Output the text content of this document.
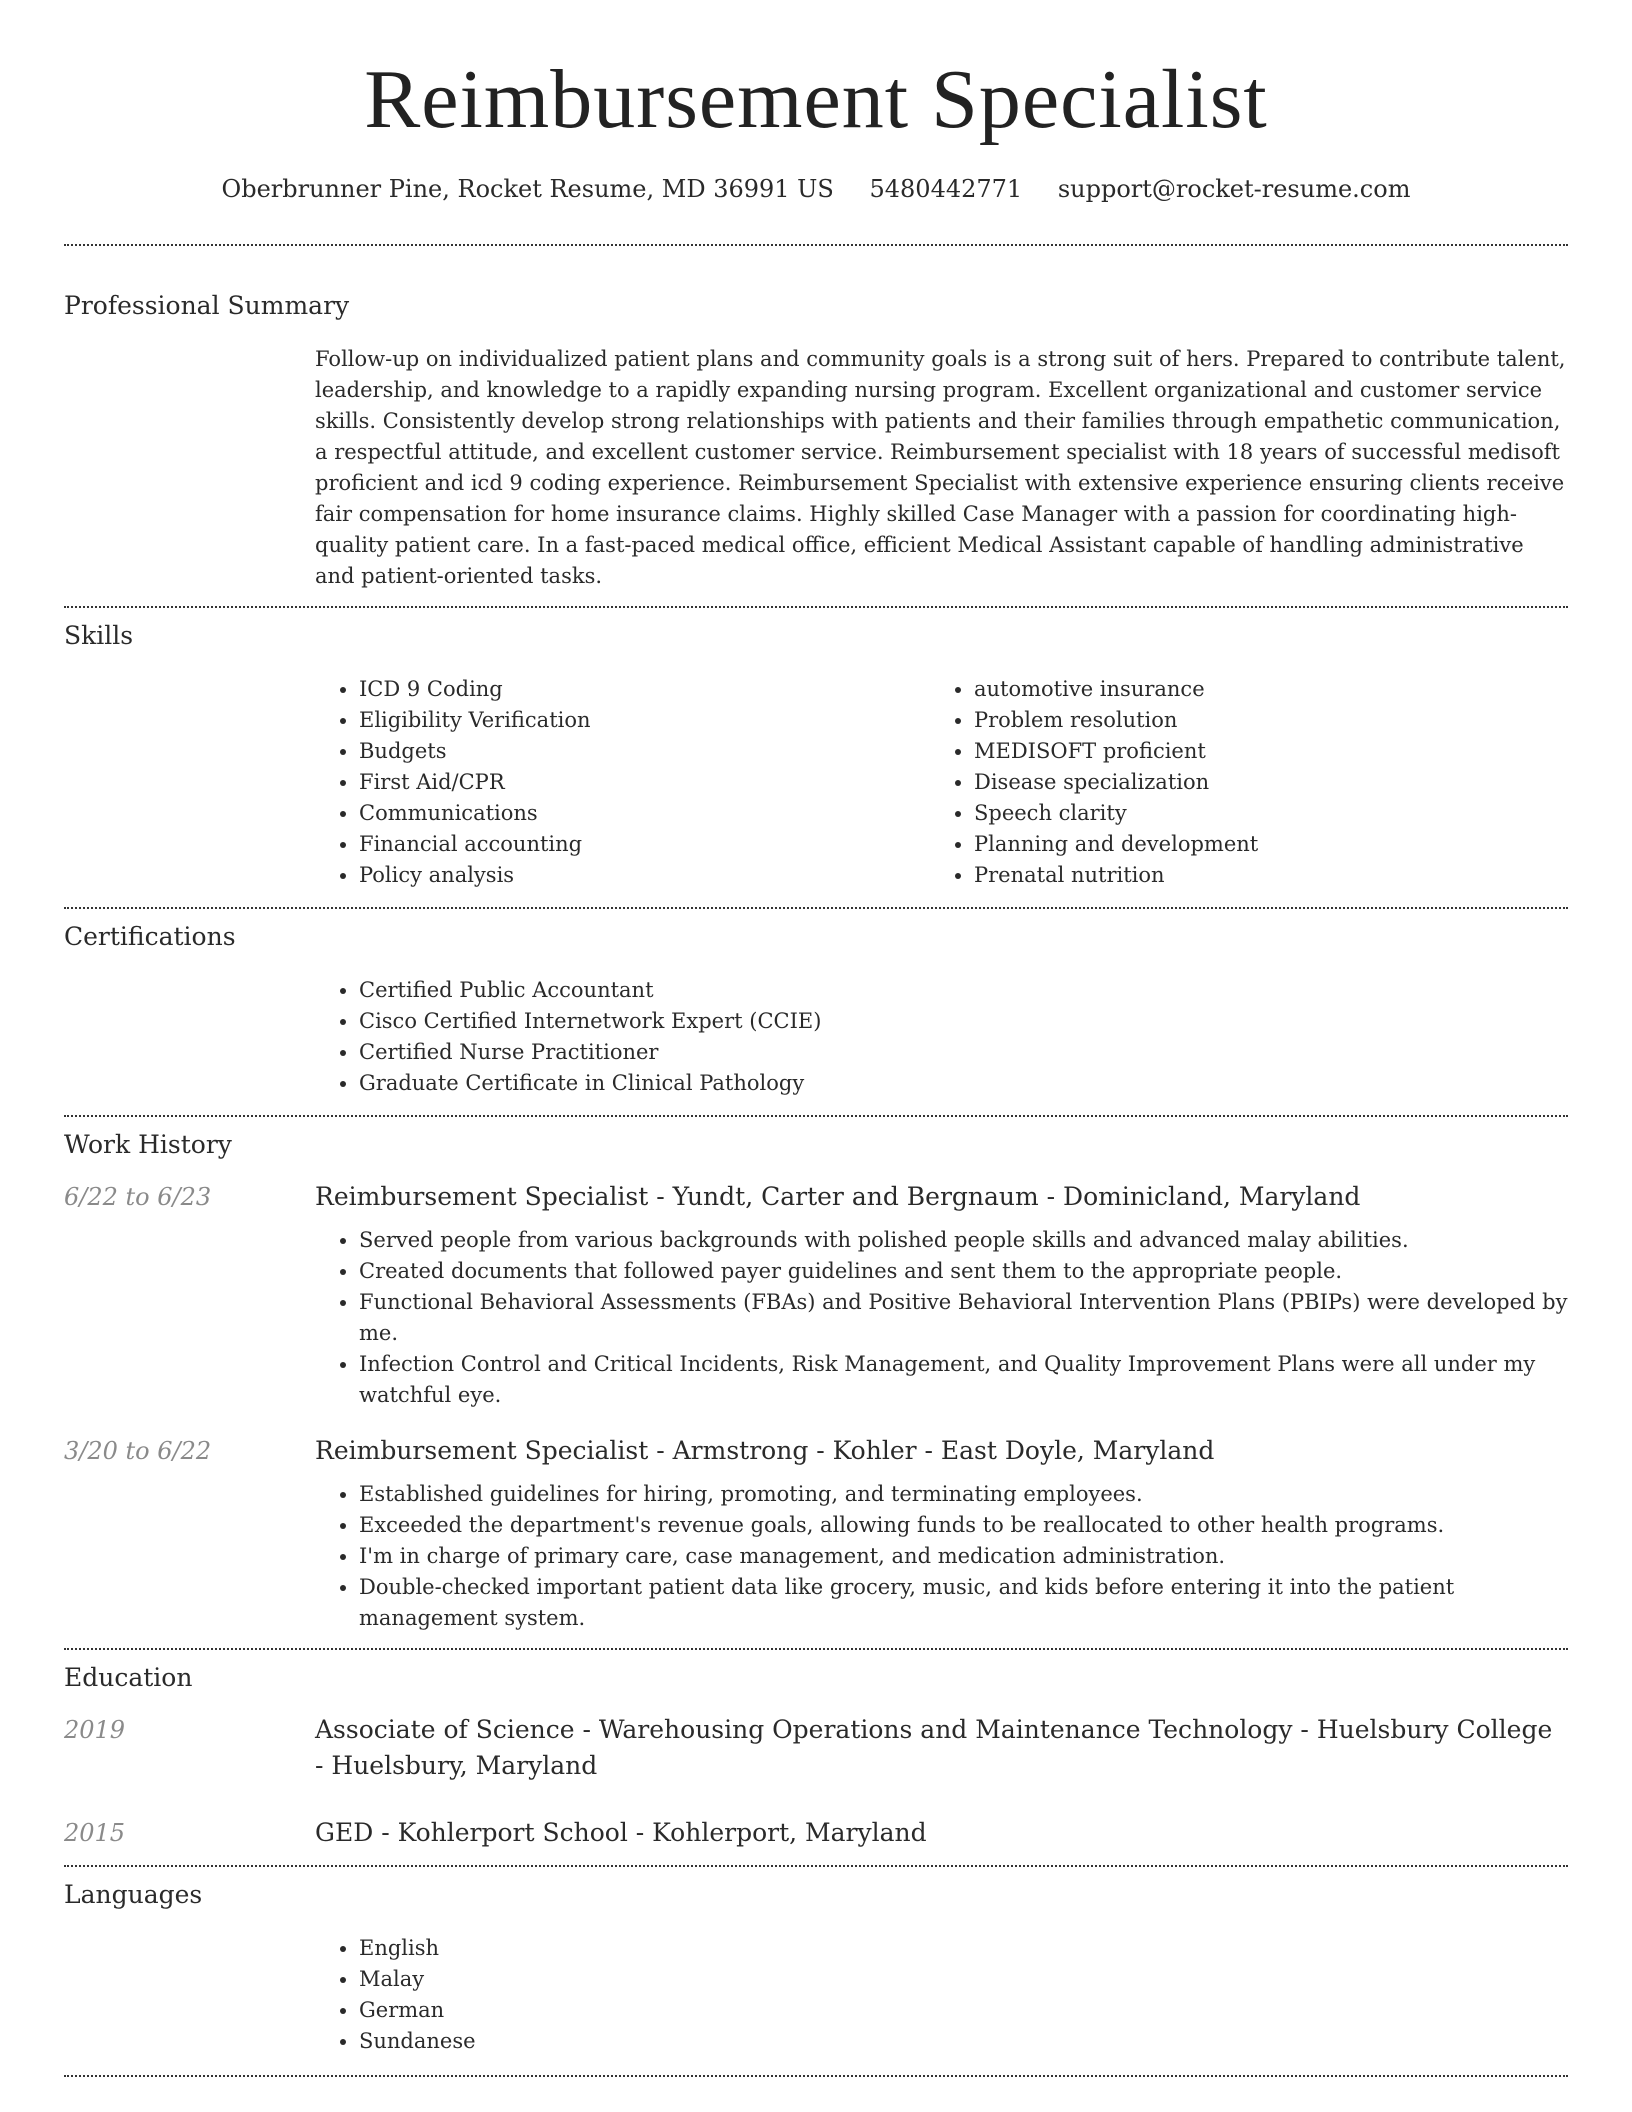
Reimbursement Specialist
Oberbrunner Pine, Rocket Resume, MD 36991 US 5480442771 support@rocket-resume.com
Professional Summary

Follow-up on individualized patient plans and community goals is a strong suit of hers. Prepared to contribute talent, leadership, and knowledge to a rapidly expanding nursing program. Excellent organizational and customer service skills. Consistently develop strong relationships with patients and their families through empathetic communication, a respectful attitude, and excellent customer service. Reimbursement specialist with 18 years of successful medisoft proficient and icd 9 coding experience. Reimbursement Specialist with extensive experience ensuring clients receive fair compensation for home insurance claims. Highly skilled Case Manager with a passion for coordinating high-quality patient care. In a fast-paced medical office, efficient Medical Assistant capable of handling administrative and patient-oriented tasks.

Skills
• ICD 9 Coding
• Eligibility Verification
• Budgets
• First Aid/CPR
• Communications
• Financial accounting
• Policy analysis
• automotive insurance
• Problem resolution
• MEDISOFT proficient
• Disease specialization
• Speech clarity
• Planning and development
• Prenatal nutrition
Certifications
• Certified Public Accountant
• Cisco Certified Internetwork Expert (CCIE)
• Certified Nurse Practitioner
• Graduate Certificate in Clinical Pathology
Work History
6/22 to 6/23	Reimbursement Specialist - Yundt, Carter and Bergnaum - Dominicland, Maryland
• Served people from various backgrounds with polished people skills and advanced malay abilities.
• Created documents that followed payer guidelines and sent them to the appropriate people.
• Functional Behavioral Assessments (FBAs) and Positive Behavioral Intervention Plans (PBIPs) were developed by me.
• Infection Control and Critical Incidents, Risk Management, and Quality Improvement Plans were all under my watchful eye.
3/20 to 6/22	Reimbursement Specialist - Armstrong - Kohler - East Doyle, Maryland
• Established guidelines for hiring, promoting, and terminating employees.
• Exceeded the department's revenue goals, allowing funds to be reallocated to other health programs.
• I'm in charge of primary care, case management, and medication administration.
• Double-checked important patient data like grocery, music, and kids before entering it into the patient management system.
Education
2019	Associate of Science - Warehousing Operations and Maintenance Technology - Huelsbury College - Huelsbury, Maryland
2015	GED - Kohlerport School - Kohlerport, Maryland
Languages
• English
• Malay
• German
• Sundanese
